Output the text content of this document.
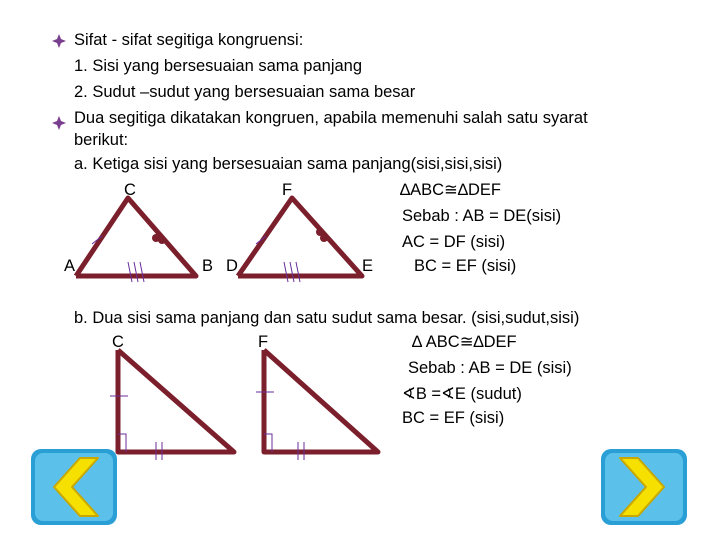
Sifat - sifat segitiga kongruensi:
1. Sisi yang bersesuaian sama panjang
2. Sudut –sudut yang bersesuaian sama besar
Dua segitiga dikatakan kongruen, apabila memenuhi salah satu syarat
berikut:
a. Ketiga sisi yang bersesuaian sama panjang(sisi,sisi,sisi)
C	F
A	B D	E
∆ABC≅∆DEF
Sebab : AB = DE(sisi)
AC = DF (sisi)
BC = EF (sisi)
b. Dua sisi sama panjang dan satu sudut sama besar. (sisi,sudut,sisi)
C	F	∆ ABC≅∆DEF
Sebab : AB = DE (sisi)
∢B =∢E (sudut)
BC = EF (sisi)
